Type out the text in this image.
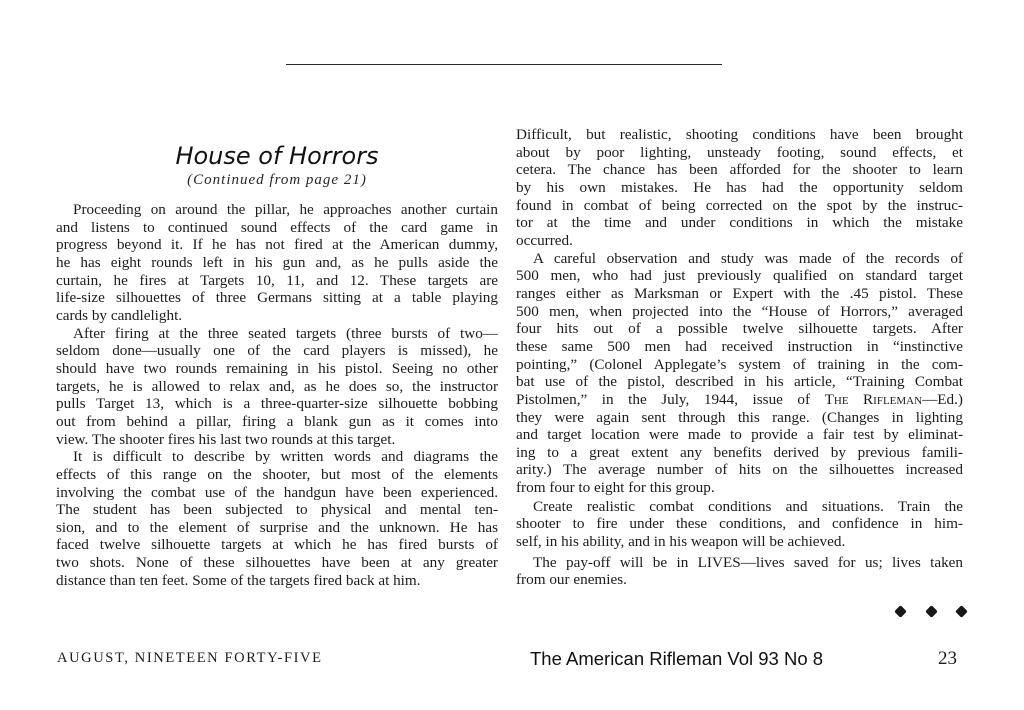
House of Horrors
(Continued from page 21)

Proceeding on around the pillar, he approaches another curtain
and listens to continued sound effects of the card game in
progress beyond it. If he has not fired at the American dummy,
he has eight rounds left in his gun and, as he pulls aside the
curtain, he fires at Targets 10, 11, and 12. These targets are
life-size silhouettes of three Germans sitting at a table playing
cards by candlelight.

After firing at the three seated targets (three bursts of two—
seldom done—usually one of the card players is missed), he
should have two rounds remaining in his pistol. Seeing no other
targets, he is allowed to relax and, as he does so, the instructor
pulls Target 13, which is a three-quarter-size silhouette bobbing
out from behind a pillar, firing a blank gun as it comes into
view. The shooter fires his last two rounds at this target.

It is difficult to describe by written words and diagrams the
effects of this range on the shooter, but most of the elements
involving the combat use of the handgun have been experienced.
The student has been subjected to physical and mental ten-
sion, and to the element of surprise and the unknown. He has
faced twelve silhouette targets at which he has fired bursts of
two shots. None of these silhouettes have been at any greater
distance than ten feet. Some of the targets fired back at him.

Difficult, but realistic, shooting conditions have been brought
about by poor lighting, unsteady footing, sound effects, et
cetera. The chance has been afforded for the shooter to learn
by his own mistakes. He has had the opportunity seldom
found in combat of being corrected on the spot by the instruc-
tor at the time and under conditions in which the mistake
occurred.

A careful observation and study was made of the records of
500 men, who had just previously qualified on standard target
ranges either as Marksman or Expert with the .45 pistol. These
500 men, when projected into the “House of Horrors,” averaged
four hits out of a possible twelve silhouette targets. After
these same 500 men had received instruction in “instinctive
pointing,” (Colonel Applegate’s system of training in the com-
bat use of the pistol, described in his article, “Training Combat
Pistolmen,” in the July, 1944, issue of The Rifleman—Ed.)
they were again sent through this range. (Changes in lighting
and target location were made to provide a fair test by eliminat-
ing to a great extent any benefits derived by previous famili-
arity.) The average number of hits on the silhouettes increased
from four to eight for this group.

Create realistic combat conditions and situations. Train the
shooter to fire under these conditions, and confidence in him-
self, in his ability, and in his weapon will be achieved.

The pay-off will be in LIVES—lives saved for us; lives taken
from our enemies.

AUGUST, NINETEEN FORTY-FIVE	The American Rifleman Vol 93 No 8	23
